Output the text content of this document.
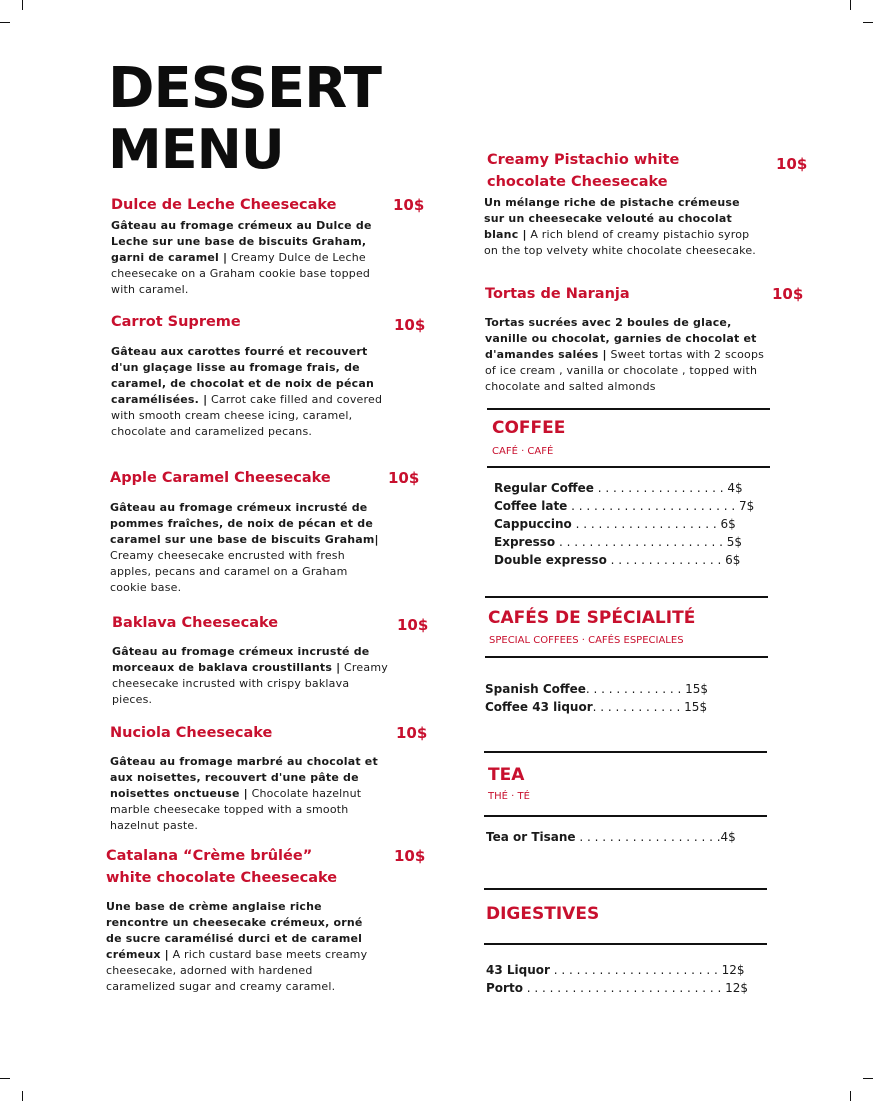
DESSERT
MENU

Dulce de Leche Cheesecake	10$

Gâteau au fromage crémeux au Dulce de Leche sur une base de biscuits Graham, garni de caramel | Creamy Dulce de Leche cheesecake on a Graham cookie base topped with caramel.

Carrot Supreme	10$

Gâteau aux carottes fourré et recouvert d'un glaçage lisse au fromage frais, de caramel, de chocolat et de noix de pécan caramélisées. | Carrot cake filled and covered with smooth cream cheese icing, caramel, chocolate and caramelized pecans.

Apple Caramel Cheesecake	10$

Gâteau au fromage crémeux incrusté de pommes fraîches, de noix de pécan et de caramel sur une base de biscuits Graham| Creamy cheesecake encrusted with fresh apples, pecans and caramel on a Graham cookie base.

Baklava Cheesecake	10$

Gâteau au fromage crémeux incrusté de morceaux de baklava croustillants | Creamy cheesecake incrusted with crispy baklava pieces.

Nuciola Cheesecake	10$

Gâteau au fromage marbré au chocolat et aux noisettes, recouvert d'une pâte de noisettes onctueuse | Chocolate hazelnut marble cheesecake topped with a smooth hazelnut paste.

Catalana “Crème brûlée”

white chocolate Cheesecake

10$

Une base de crème anglaise riche rencontre un cheesecake crémeux, orné de sucre caramélisé durci et de caramel crémeux | A rich custard base meets creamy cheesecake, adorned with hardened caramelized sugar and creamy caramel.

Creamy Pistachio white

chocolate Cheesecake

10$

Un mélange riche de pistache crémeuse sur un cheesecake velouté au chocolat blanc | A rich blend of creamy pistachio syrop on the top velvety white chocolate cheesecake.

Tortas de Naranja	10$

Tortas sucrées avec 2 boules de glace, vanille ou chocolat, garnies de chocolat et d'amandes salées | Sweet tortas with 2 scoops of ice cream , vanilla or chocolate , topped with chocolate and salted almonds

COFFEE

CAFÉ · CAFÉ

Regular Coffee . . . . . . . . . . . . . . . . . 4$
Coffee late . . . . . . . . . . . . . . . . . . . . . . 7$
Cappuccino . . . . . . . . . . . . . . . . . . . 6$
Expresso . . . . . . . . . . . . . . . . . . . . . . 5$
Double expresso . . . . . . . . . . . . . . . 6$
CAFÉS DE SPÉCIALITÉ

SPECIAL COFFEES · CAFÉS ESPECIALES

Spanish Coffee. . . . . . . . . . . . . 15$
Coffee 43 liquor. . . . . . . . . . . . 15$
TEA

THÉ · TÉ

Tea or Tisane . . . . . . . . . . . . . . . . . . .4$
DIGESTIVES
43 Liquor . . . . . . . . . . . . . . . . . . . . . . 12$
Porto . . . . . . . . . . . . . . . . . . . . . . . . . . 12$
